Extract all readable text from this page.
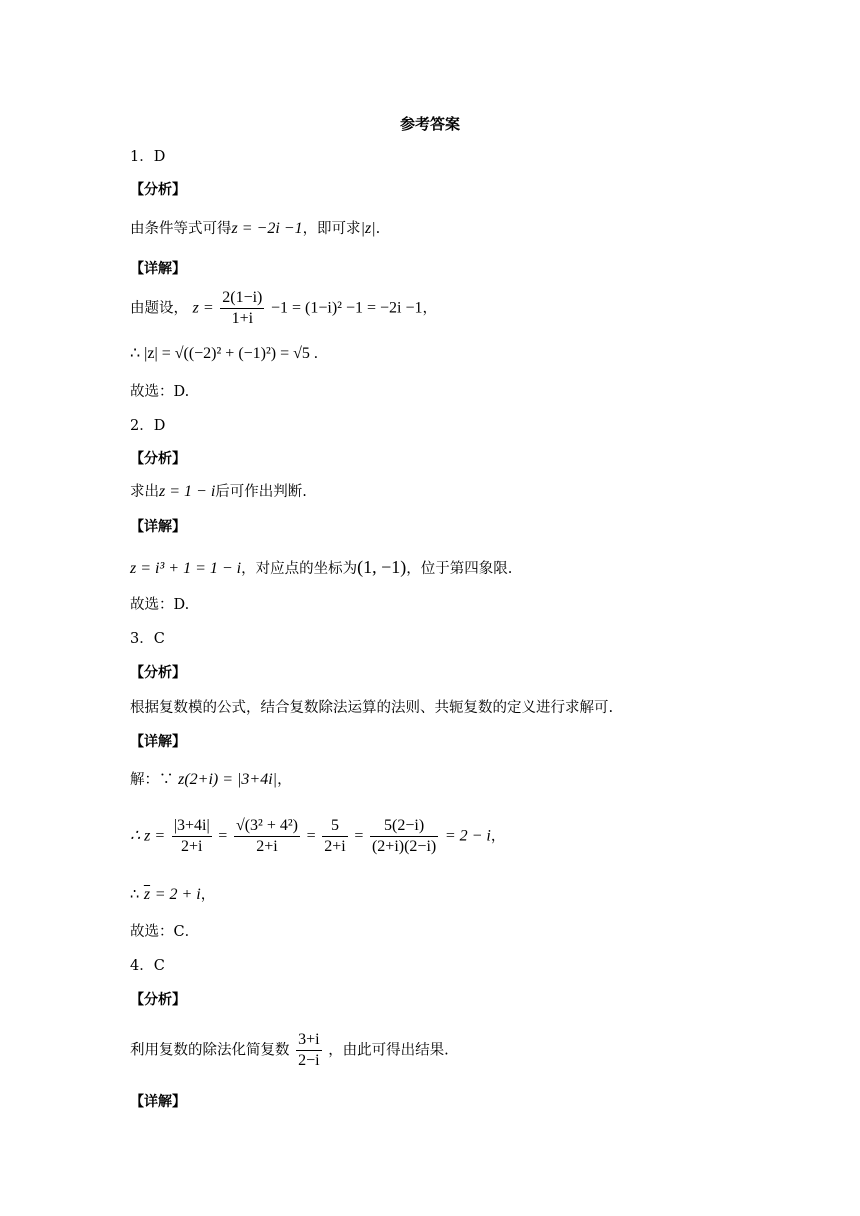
参考答案
1．D
【分析】
由条件等式可得z = −2i −1，即可求|z|.
【详解】
由题设， $z = \frac{2(1-i)}{1+i} -1 = (1-i)^2 -1 = -2i -1$，
∴ |z| = √((−2)² + (−1)²) = √5 .
故选：D.
2．D
【分析】
求出z = 1 − i后可作出判断.
【详解】
z = i³ + 1 = 1 − i，对应点的坐标为(1, −1)，位于第四象限.
故选：D.
3．C
【分析】
根据复数模的公式，结合复数除法运算的法则、共轭复数的定义进行求解可.
【详解】
解：∵ z(2+i) = |3+4i|，
∴ $z = \frac{|3+4i|}{2+i} = \frac{\text{√(3² + 4²)}}{2+i} = \frac{5}{2+i} = \frac{5(2-i)}{(2+i)(2-i)} = 2 - i$，
∴ $\overline{z} = 2 + i$，
故选：C．
4．C
【分析】
利用复数的除法化简复数 $\frac{3+i}{2-i}$ ，由此可得出结果.
【详解】
